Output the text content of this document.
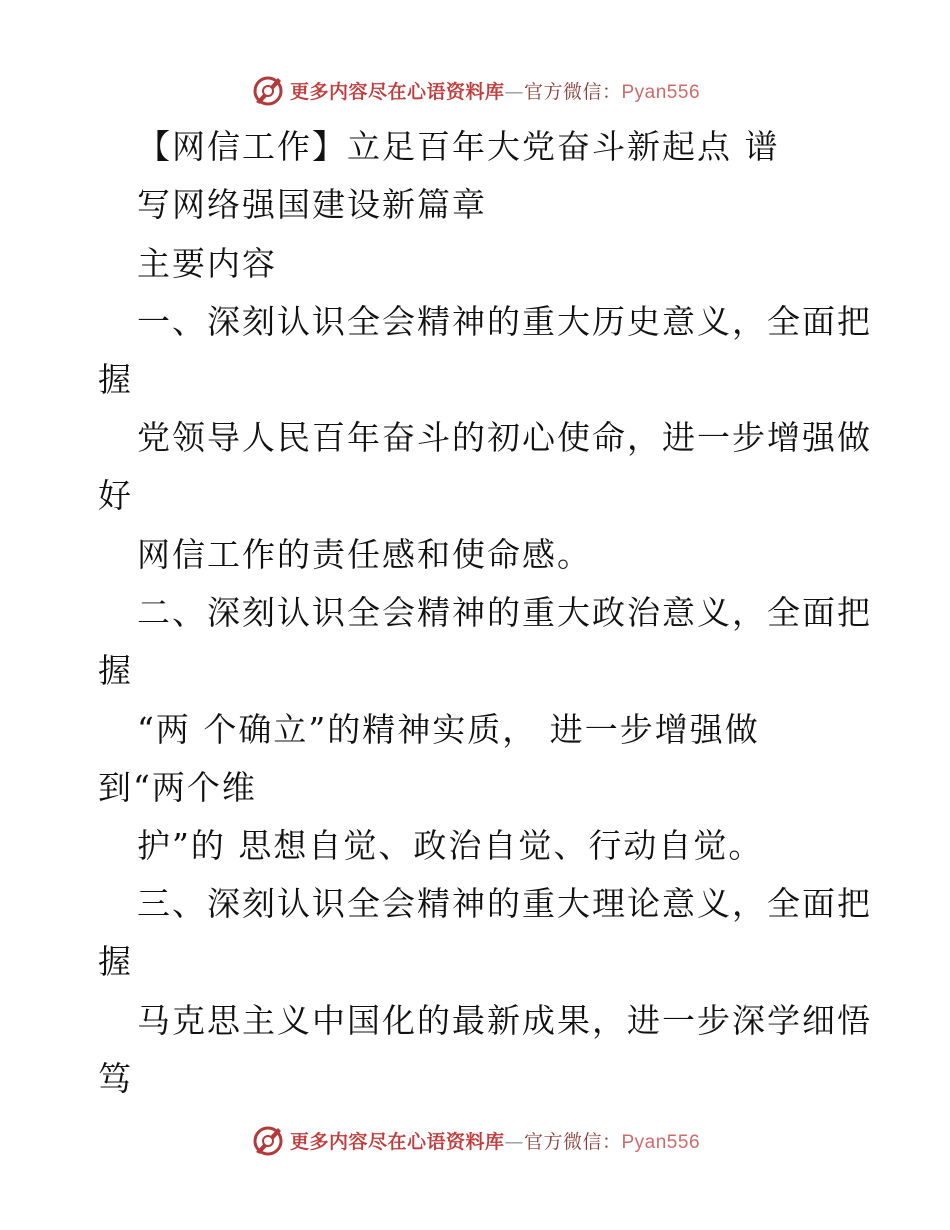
更多内容尽在心语资料库—官方微信：Pyan556
【网信工作】立足百年大党奋斗新起点 谱
写网络强国建设新篇章
主要内容
一、深刻认识全会精神的重大历史意义，全面把
握
党领导人民百年奋斗的初心使命，进一步增强做
好
网信工作的责任感和使命感。
二、深刻认识全会精神的重大政治意义，全面把
握
“两 个确立”的精神实质， 进一步增强做
到“两个维
护”的 思想自觉、政治自觉、行动自觉。
三、深刻认识全会精神的重大理论意义，全面把
握
马克思主义中国化的最新成果，进一步深学细悟
笃
更多内容尽在心语资料库—官方微信：Pyan556
